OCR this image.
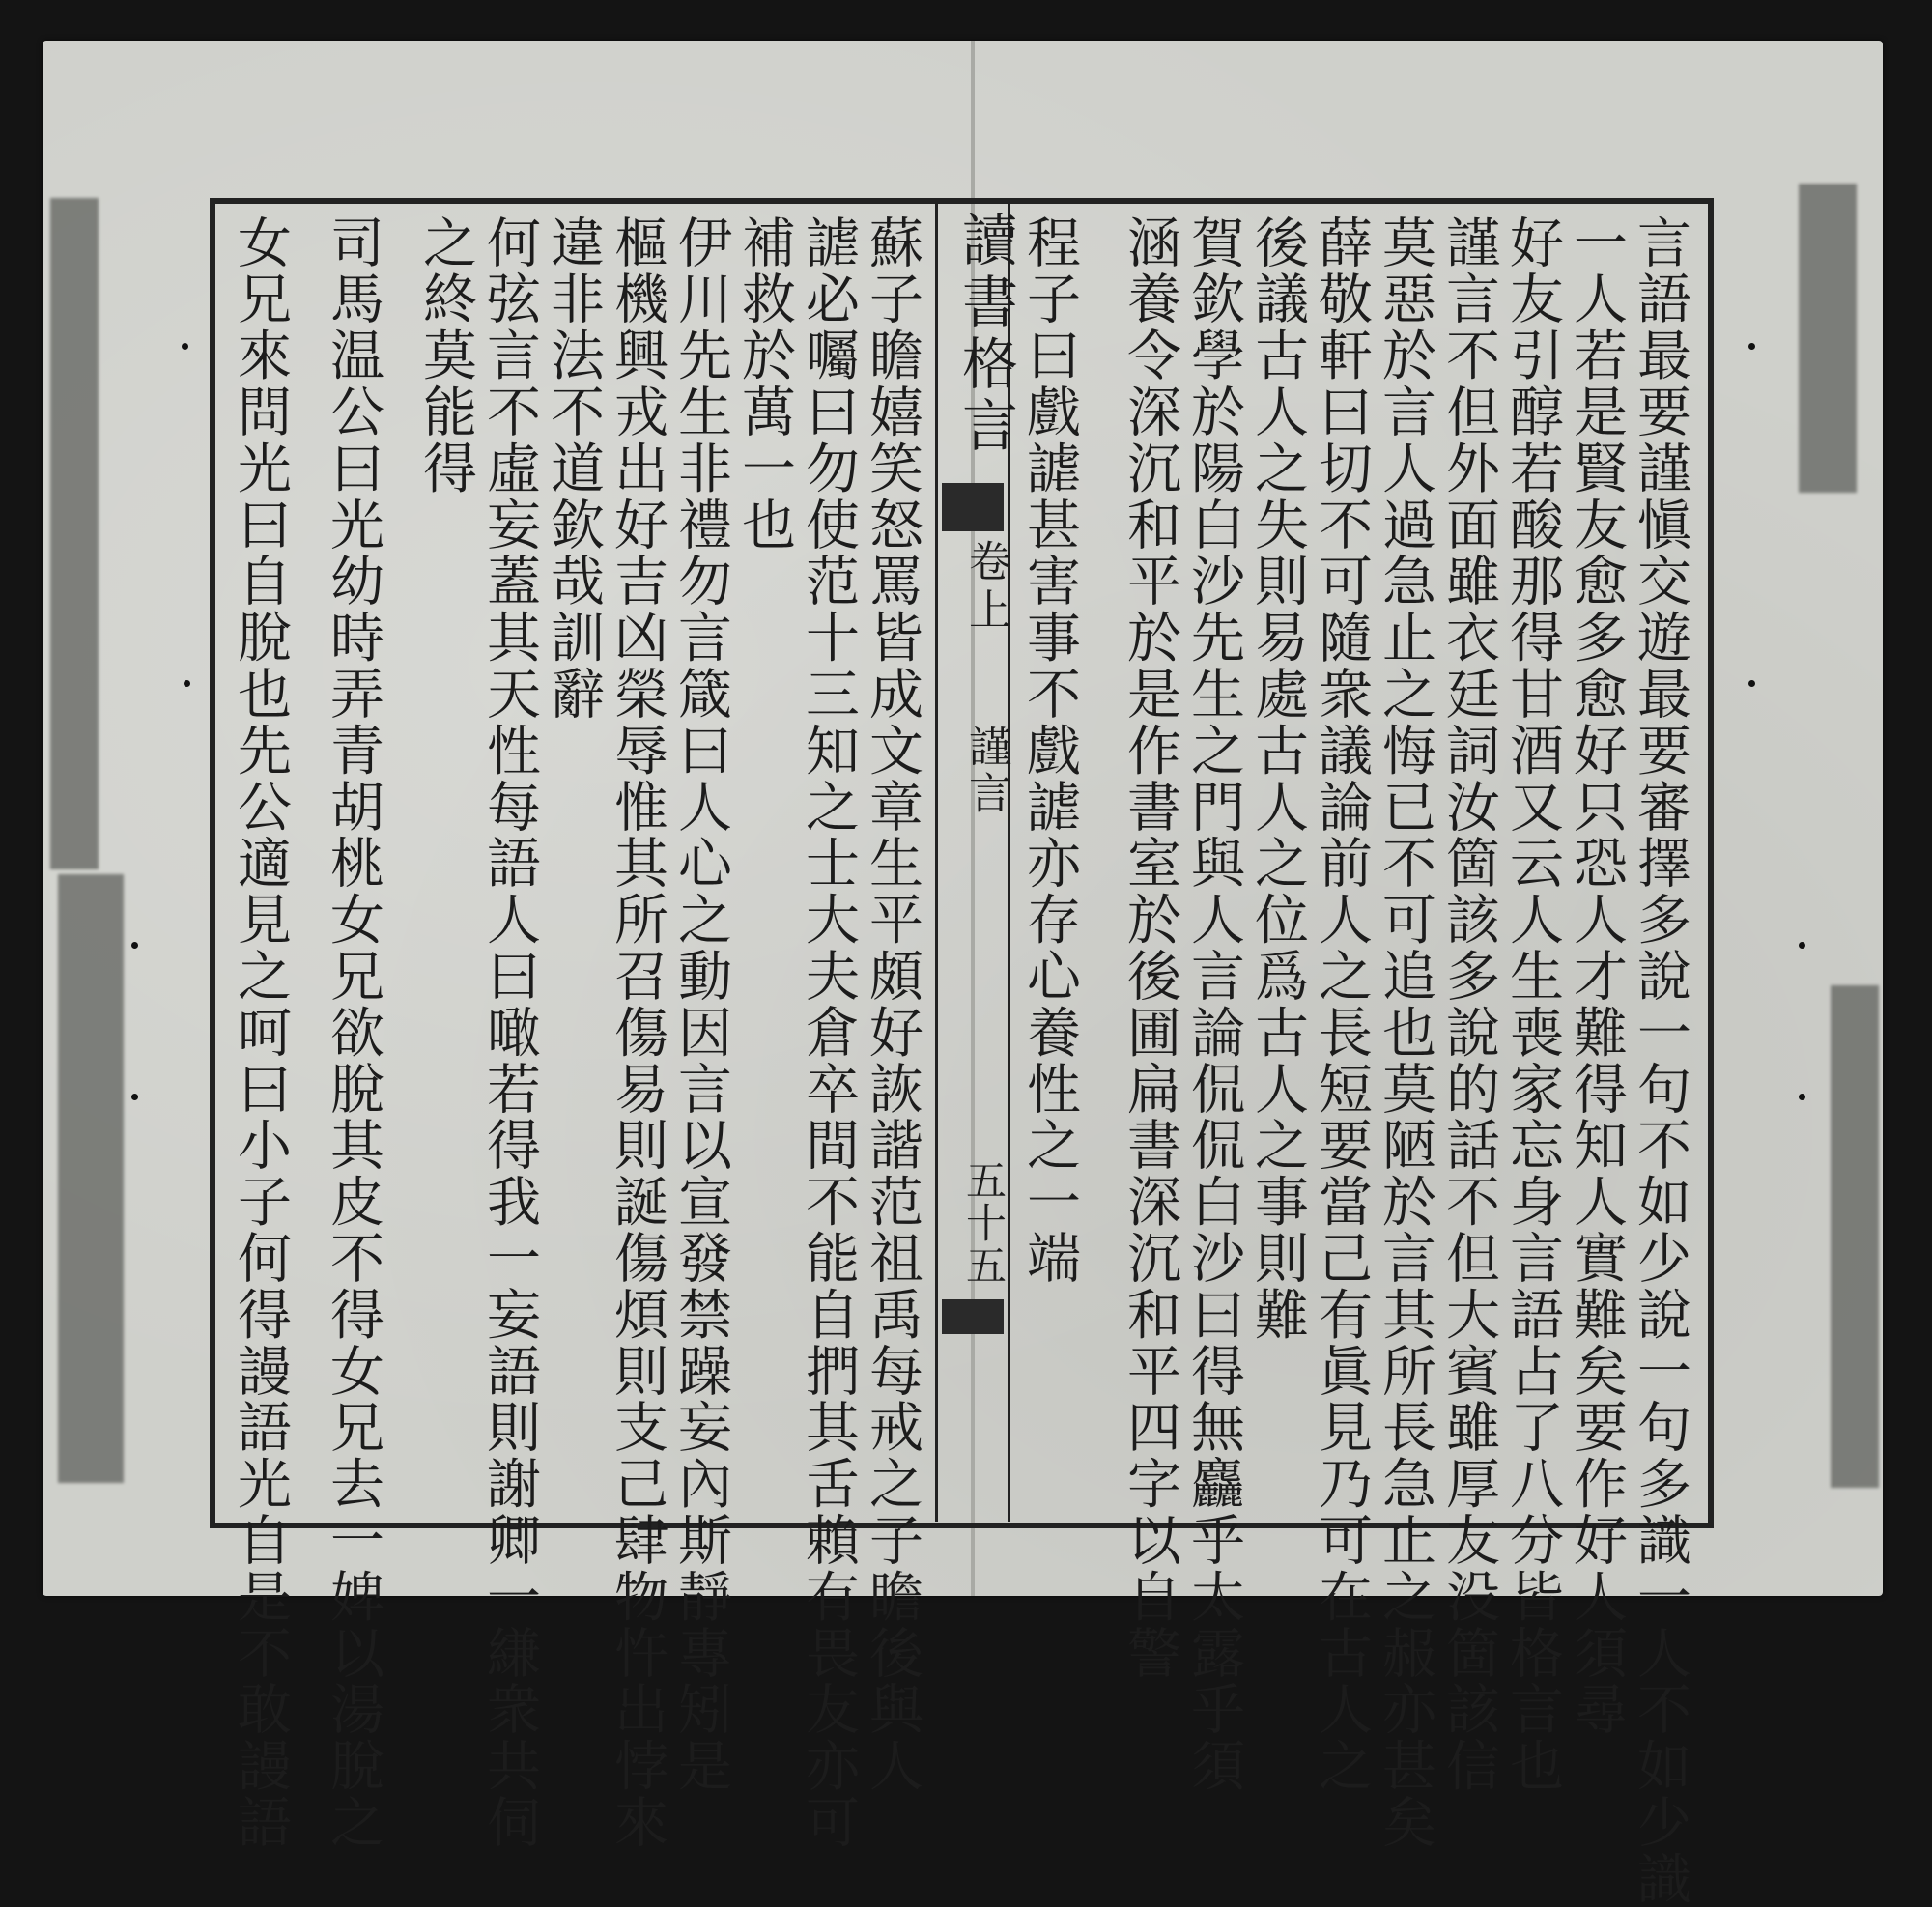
讀書格言
卷上
謹言
五十五	言語最要謹愼交遊最要審擇多說一句不如少說一句多識一人不如少識
一人若是賢友愈多愈好只恐人才難得知人實難矣要作好人須尋
好友引醇若酸那得甘酒又云人生喪家忘身言語占了八分皆格言也
謹言不但外面雖衣廷詞汝箇該多說的話不但大賓雖厚友没箇該信
莫惡於言人過急止之悔已不可追也莫陋於言其所長急止之赧亦甚矣
薛敬軒曰切不可隨衆議論前人之長短要當己有眞見乃可在古人之
後議古人之失則易處古人之位爲古人之事則難
賀欽學於陽白沙先生之門與人言論侃侃白沙曰得無麤乎太露乎須
涵養令深沉和平於是作書室於後圃扁書深沉和平四字以自警
程子曰戲謔甚害事不戲謔亦存心養性之一端
蘇子瞻嬉笑怒罵皆成文章生平頗好詼諧范祖禹每戒之子瞻後與人
謔必囑曰勿使范十三知之士大夫倉卒間不能自捫其舌賴有畏友亦可
補救於萬一也
伊川先生非禮勿言箴曰人心之動因言以宣發禁躁妄內斯靜專矧是
樞機興戎出好吉凶榮辱惟其所召傷易則誕傷煩則支己肆物忤出悖來
違非法不道欽哉訓辭
何弦言不虛妄蓋其天性每語人曰噉若得我一妄語則謝卿一縑衆共伺
之終莫能得
司馬温公曰光幼時弄青胡桃女兄欲脫其皮不得女兄去一婢以湯脫之
女兄來問光曰自脫也先公適見之呵曰小子何得謾語光自是不敢謾語
